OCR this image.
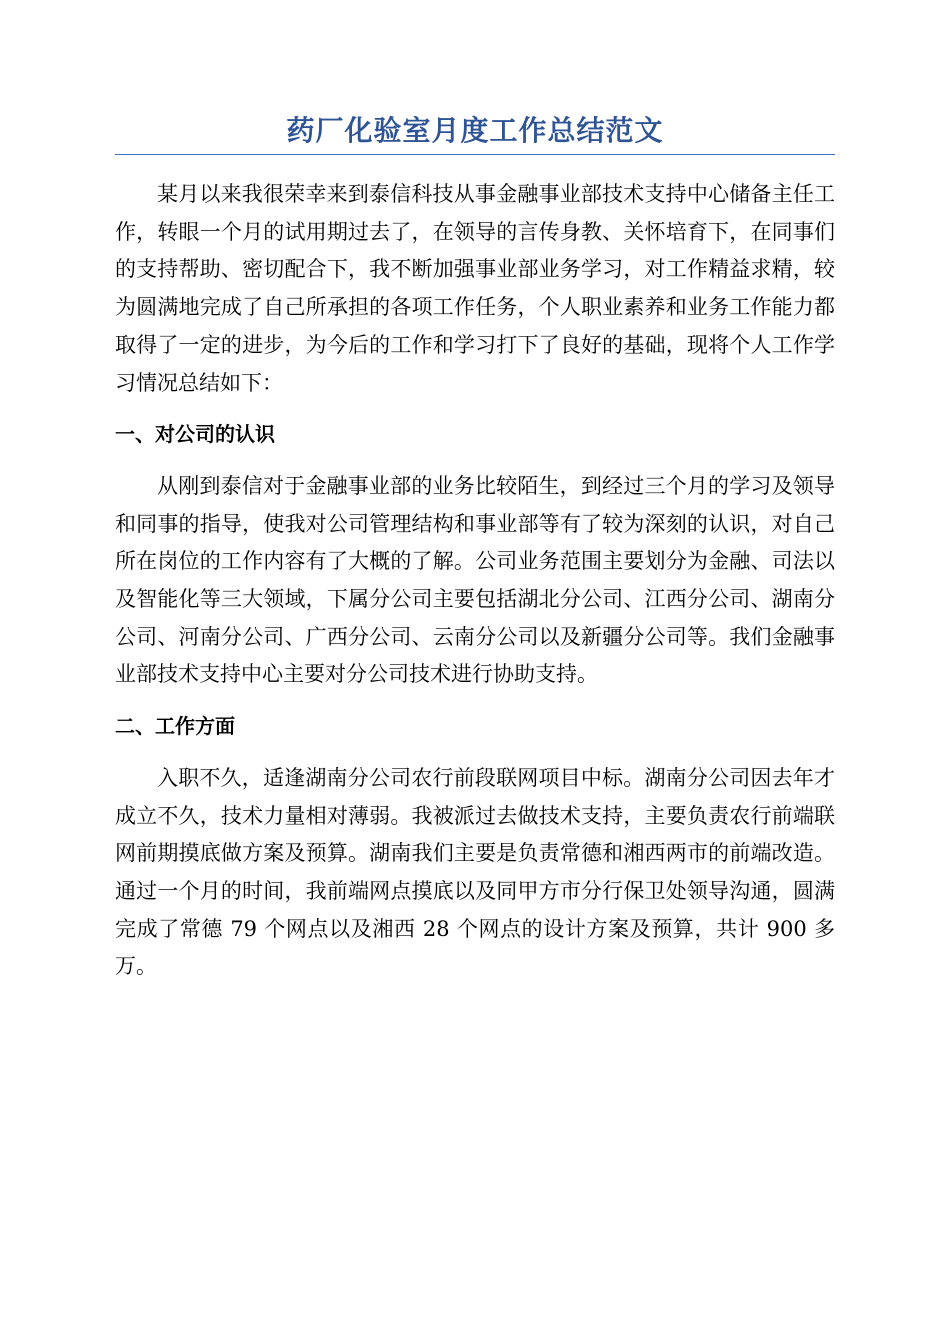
药厂化验室月度工作总结范文

某月以来我很荣幸来到泰信科技从事金融事业部技术支持中心储备主任工作，转眼一个月的试用期过去了，在领导的言传身教、关怀培育下，在同事们的支持帮助、密切配合下，我不断加强事业部业务学习，对工作精益求精，较为圆满地完成了自己所承担的各项工作任务，个人职业素养和业务工作能力都取得了一定的进步，为今后的工作和学习打下了良好的基础，现将个人工作学习情况总结如下：

一、对公司的认识

从刚到泰信对于金融事业部的业务比较陌生，到经过三个月的学习及领导和同事的指导，使我对公司管理结构和事业部等有了较为深刻的认识，对自己所在岗位的工作内容有了大概的了解。公司业务范围主要划分为金融、司法以及智能化等三大领域，下属分公司主要包括湖北分公司、江西分公司、湖南分公司、河南分公司、广西分公司、云南分公司以及新疆分公司等。我们金融事业部技术支持中心主要对分公司技术进行协助支持。

二、工作方面

入职不久，适逢湖南分公司农行前段联网项目中标。湖南分公司因去年才成立不久，技术力量相对薄弱。我被派过去做技术支持，主要负责农行前端联网前期摸底做方案及预算。湖南我们主要是负责常德和湘西两市的前端改造。通过一个月的时间，我前端网点摸底以及同甲方市分行保卫处领导沟通，圆满完成了常德 79 个网点以及湘西 28 个网点的设计方案及预算，共计 900 多万。
